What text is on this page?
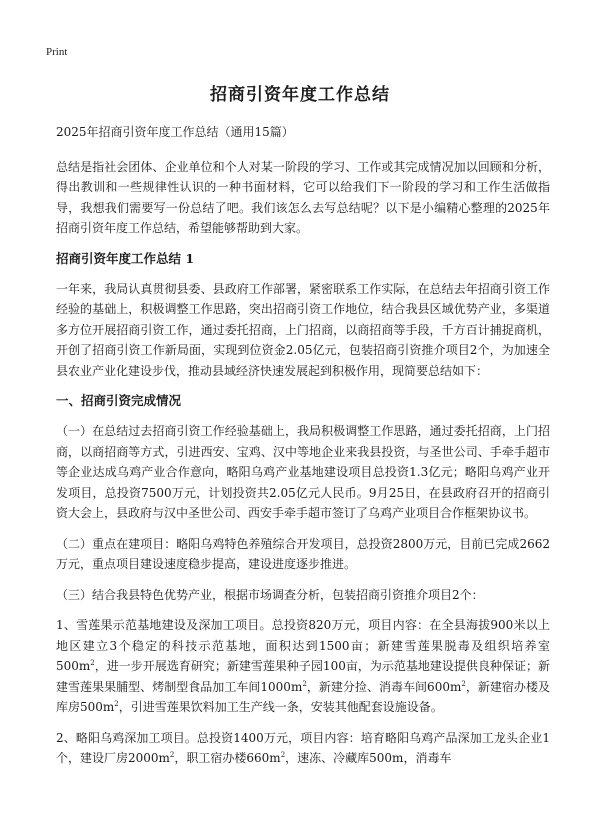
Print
招商引资年度工作总结

2025年招商引资年度工作总结（通用15篇）

总结是指社会团体、企业单位和个人对某一阶段的学习、工作或其完成情况加以回顾和分析，得出教训和一些规律性认识的一种书面材料，它可以给我们下一阶段的学习和工作生活做指导，我想我们需要写一份总结了吧。我们该怎么去写总结呢？以下是小编精心整理的2025年招商引资年度工作总结，希望能够帮助到大家。

招商引资年度工作总结 1

一年来，我局认真贯彻县委、县政府工作部署，紧密联系工作实际，在总结去年招商引资工作经验的基础上，积极调整工作思路，突出招商引资工作地位，结合我县区域优势产业，多渠道多方位开展招商引资工作，通过委托招商，上门招商，以商招商等手段，千方百计捕捉商机，开创了招商引资工作新局面，实现到位资金2.05亿元，包装招商引资推介项目2个，为加速全县农业产业化建设步伐，推动县域经济快速发展起到积极作用，现简要总结如下：

一、招商引资完成情况

（一）在总结过去招商引资工作经验基础上，我局积极调整工作思路，通过委托招商，上门招商，以商招商等方式，引进西安、宝鸡、汉中等地企业来我县投资，与圣世公司、手牵手超市等企业达成乌鸡产业合作意向，略阳乌鸡产业基地建设项目总投资1.3亿元；略阳乌鸡产业开发项目，总投资7500万元，计划投资共2.05亿元人民币。9月25日，在县政府召开的招商引资大会上，县政府与汉中圣世公司、西安手牵手超市签订了乌鸡产业项目合作框架协议书。

（二）重点在建项目：略阳乌鸡特色养殖综合开发项目，总投资2800万元，目前已完成2662万元，重点项目建设速度稳步提高，建设进度逐步推进。

（三）结合我县特色优势产业，根据市场调查分析，包装招商引资推介项目2个：

1、雪莲果示范基地建设及深加工项目。总投资820万元，项目内容：在全县海拔900米以上地区建立3个稳定的科技示范基地，面积达到1500亩；新建雪莲果脱毒及组织培养室$500m^2$，进一步开展选育研究；新建雪莲果种子园100亩，为示范基地建设提供良种保证；新建雪莲果果脯型、烤制型食品加工车间$1000m^2$，新建分捡、消毒车间$600m^2$，新建宿办楼及库房$500m^2$，引进雪莲果饮料加工生产线一条，安装其他配套设施设备。

2、略阳乌鸡深加工项目。总投资1400万元，项目内容：培育略阳乌鸡产品深加工龙头企业1个，建设厂房$2000m^2$，职工宿办楼$660m^2$，速冻、冷藏库500m，消毒车
